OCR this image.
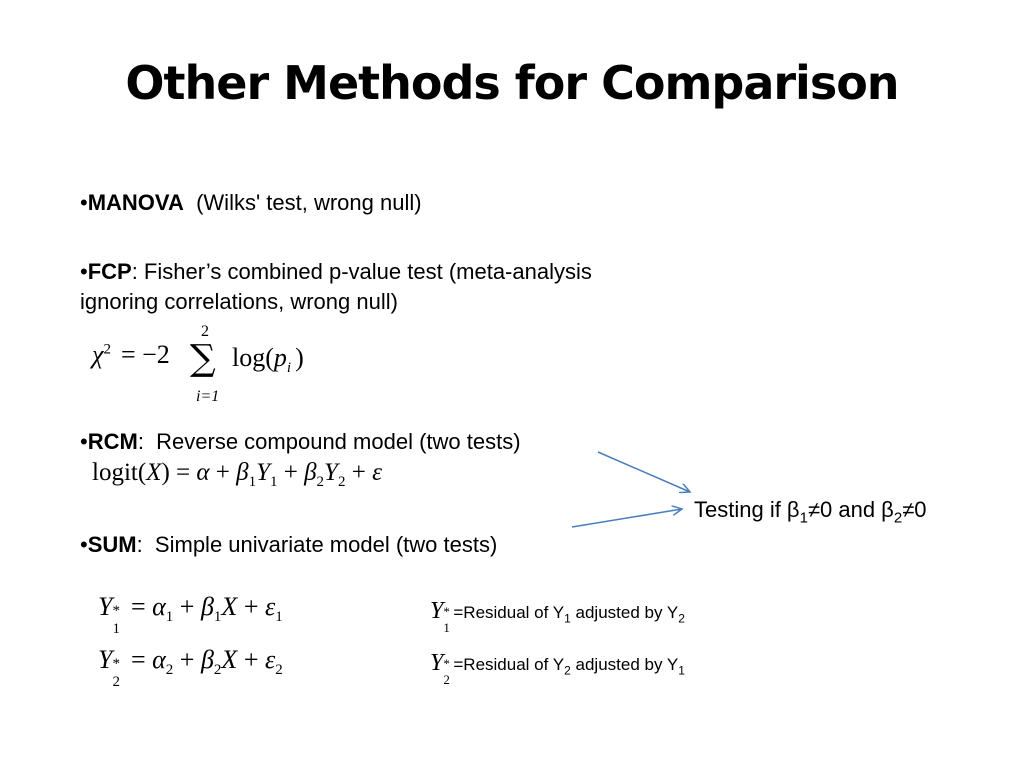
Other Methods for Comparison
•MANOVA  (Wilks' test, wrong null)
•FCP: Fisher’s combined p-value test (meta-analysis
ignoring correlations, wrong null)
$\chi^2 = -2$
2
∑
i=1
$\log(p_i$ )
•RCM:  Reverse compound model (two tests)
logit(X) = $\alpha + \beta_1Y_1 + \beta_2Y_2 + \varepsilon$
Testing if $\beta_1\ne 0$ and $\beta_2\ne 0$
•SUM:  Simple univariate model (two tests)
Y *
1
= $\alpha_1 + \beta_1X + \varepsilon_1$
Y *
2
= $\alpha_2 + \beta_2X + \varepsilon_2$
Y *
1
=Residual of $Y_1$ adjusted by $Y_2$
Y *
2
=Residual of $Y_2$ adjusted by $Y_1$
